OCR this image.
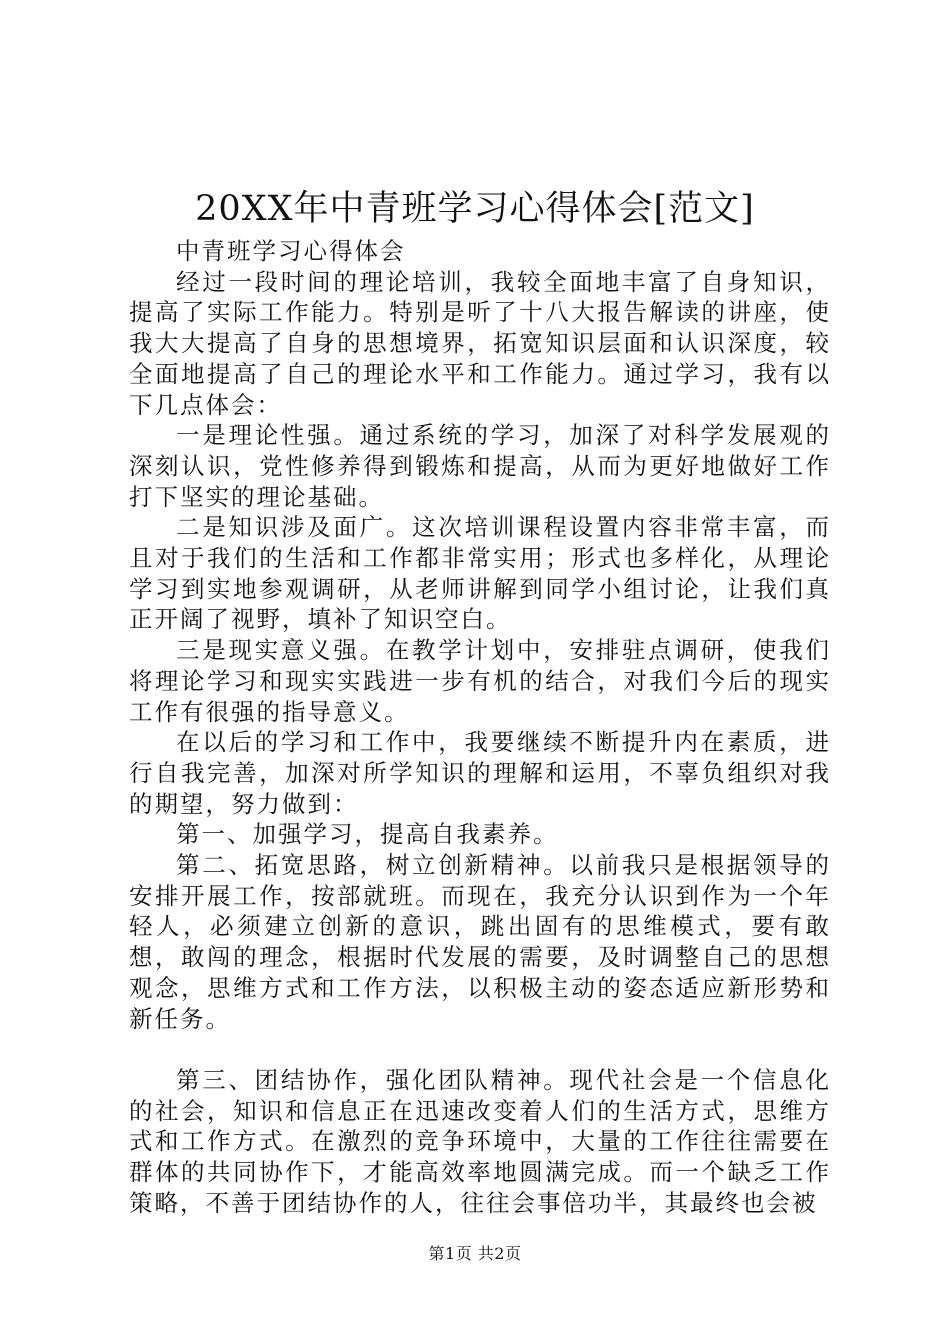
20XX年中青班学习心得体会[范文]

中青班学习心得体会

经过一段时间的理论培训，我较全面地丰富了自身知识，提高了实际工作能力。特别是听了十八大报告解读的讲座，使我大大提高了自身的思想境界，拓宽知识层面和认识深度，较全面地提高了自己的理论水平和工作能力。通过学习，我有以下几点体会：

一是理论性强。通过系统的学习，加深了对科学发展观的深刻认识，党性修养得到锻炼和提高，从而为更好地做好工作打下坚实的理论基础。

二是知识涉及面广。这次培训课程设置内容非常丰富，而且对于我们的生活和工作都非常实用；形式也多样化，从理论学习到实地参观调研，从老师讲解到同学小组讨论，让我们真正开阔了视野，填补了知识空白。

三是现实意义强。在教学计划中，安排驻点调研，使我们将理论学习和现实实践进一步有机的结合，对我们今后的现实工作有很强的指导意义。

在以后的学习和工作中，我要继续不断提升内在素质，进行自我完善，加深对所学知识的理解和运用，不辜负组织对我的期望，努力做到：

第一、加强学习，提高自我素养。

第二、拓宽思路，树立创新精神。以前我只是根据领导的安排开展工作，按部就班。而现在，我充分认识到作为一个年轻人，必须建立创新的意识，跳出固有的思维模式，要有敢想，敢闯的理念，根据时代发展的需要，及时调整自己的思想观念，思维方式和工作方法，以积极主动的姿态适应新形势和新任务。

第三、团结协作，强化团队精神。现代社会是一个信息化的社会，知识和信息正在迅速改变着人们的生活方式，思维方式和工作方式。在激烈的竞争环境中，大量的工作往往需要在群体的共同协作下，才能高效率地圆满完成。而一个缺乏工作策略，不善于团结协作的人，往往会事倍功半，其最终也会被

第1页 共2页
